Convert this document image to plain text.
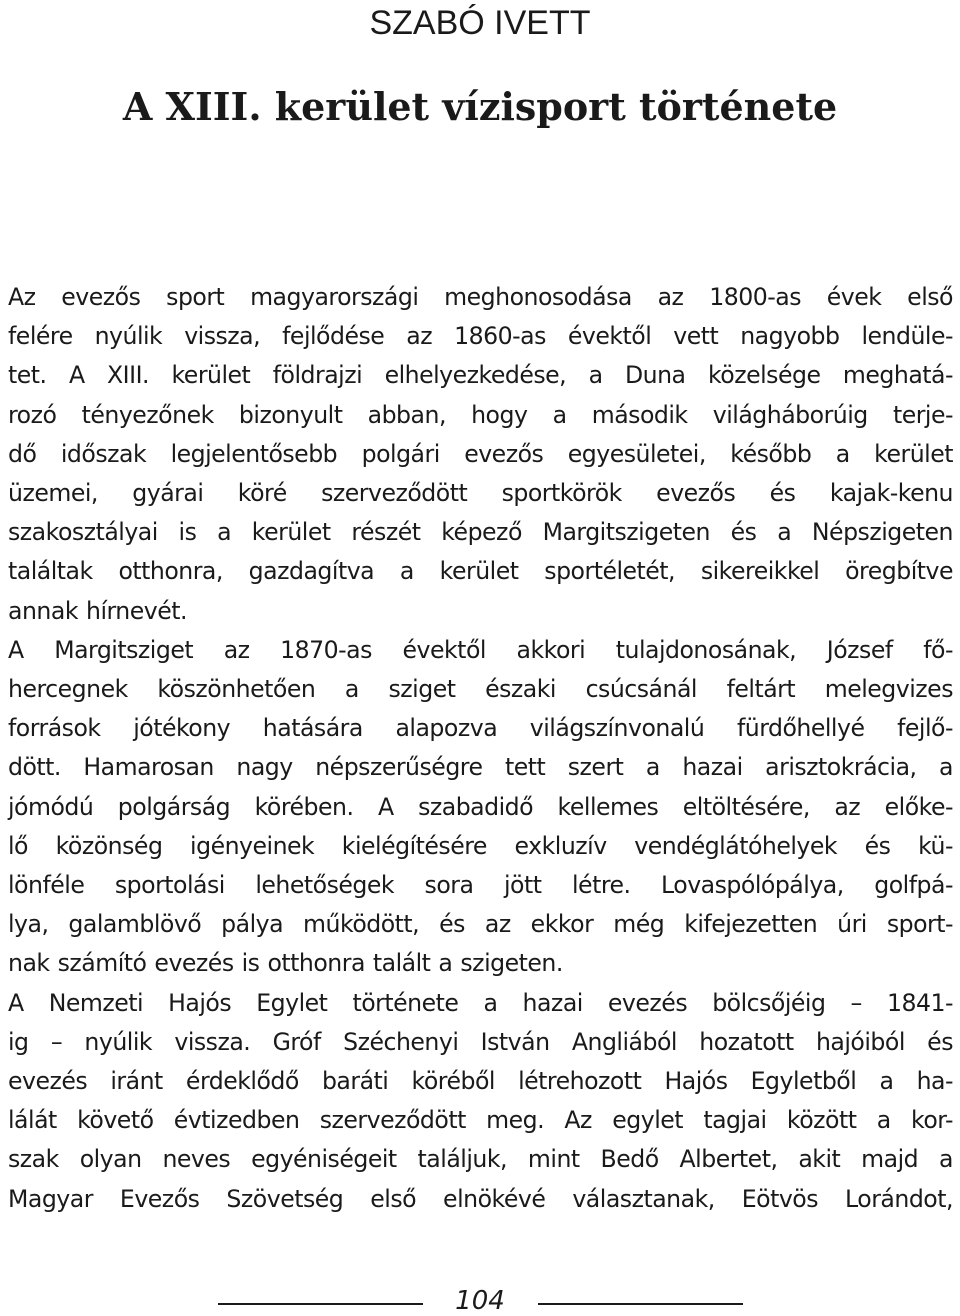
SZABÓ IVETT
A XIII. kerület vízisport története
Az evezős sport magyarországi meghonosodása az 1800-as évek első
felére nyúlik vissza, fejlődése az 1860-as évektől vett nagyobb lendüle-
tet. A XIII. kerület földrajzi elhelyezkedése, a Duna közelsége meghatá-
rozó tényezőnek bizonyult abban, hogy a második világháborúig terje-
dő időszak legjelentősebb polgári evezős egyesületei, később a kerület
üzemei, gyárai köré szerveződött sportkörök evezős és kajak-kenu
szakosztályai is a kerület részét képező Margitszigeten és a Népszigeten
találtak otthonra, gazdagítva a kerület sportéletét, sikereikkel öregbítve
annak hírnevét.
A Margitsziget az 1870-as évektől akkori tulajdonosának, József fő-
hercegnek köszönhetően a sziget északi csúcsánál feltárt melegvizes
források jótékony hatására alapozva világszínvonalú fürdőhellyé fejlő-
dött. Hamarosan nagy népszerűségre tett szert a hazai arisztokrácia, a
jómódú polgárság körében. A szabadidő kellemes eltöltésére, az előke-
lő közönség igényeinek kielégítésére exkluzív vendéglátóhelyek és kü-
lönféle sportolási lehetőségek sora jött létre. Lovaspólópálya, golfpá-
lya, galamblövő pálya működött, és az ekkor még kifejezetten úri sport-
nak számító evezés is otthonra talált a szigeten.
A Nemzeti Hajós Egylet története a hazai evezés bölcsőjéig – 1841-
ig – nyúlik vissza. Gróf Széchenyi István Angliából hozatott hajóiból és
evezés iránt érdeklődő baráti köréből létrehozott Hajós Egyletből a ha-
lálát követő évtizedben szerveződött meg. Az egylet tagjai között a kor-
szak olyan neves egyéniségeit találjuk, mint Bedő Albertet, akit majd a
Magyar Evezős Szövetség első elnökévé választanak, Eötvös Lorándot,
104
